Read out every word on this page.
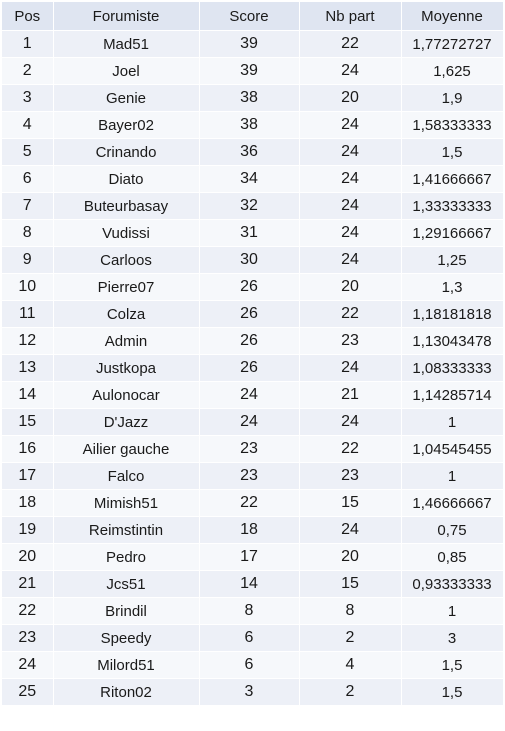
Pos	Forumiste	Score	Nb part	Moyenne
1	Mad51	39	22	1,77272727
2	Joel	39	24	1,625
3	Genie	38	20	1,9
4	Bayer02	38	24	1,58333333
5	Crinando	36	24	1,5
6	Diato	34	24	1,41666667
7	Buteurbasay	32	24	1,33333333
8	Vudissi	31	24	1,29166667
9	Carloos	30	24	1,25
10	Pierre07	26	20	1,3
11	Colza	26	22	1,18181818
12	Admin	26	23	1,13043478
13	Justkopa	26	24	1,08333333
14	Aulonocar	24	21	1,14285714
15	D'Jazz	24	24	1
16	Ailier gauche	23	22	1,04545455
17	Falco	23	23	1
18	Mimish51	22	15	1,46666667
19	Reimstintin	18	24	0,75
20	Pedro	17	20	0,85
21	Jcs51	14	15	0,93333333
22	Brindil	8	8	1
23	Speedy	6	2	3
24	Milord51	6	4	1,5
25	Riton02	3	2	1,5
